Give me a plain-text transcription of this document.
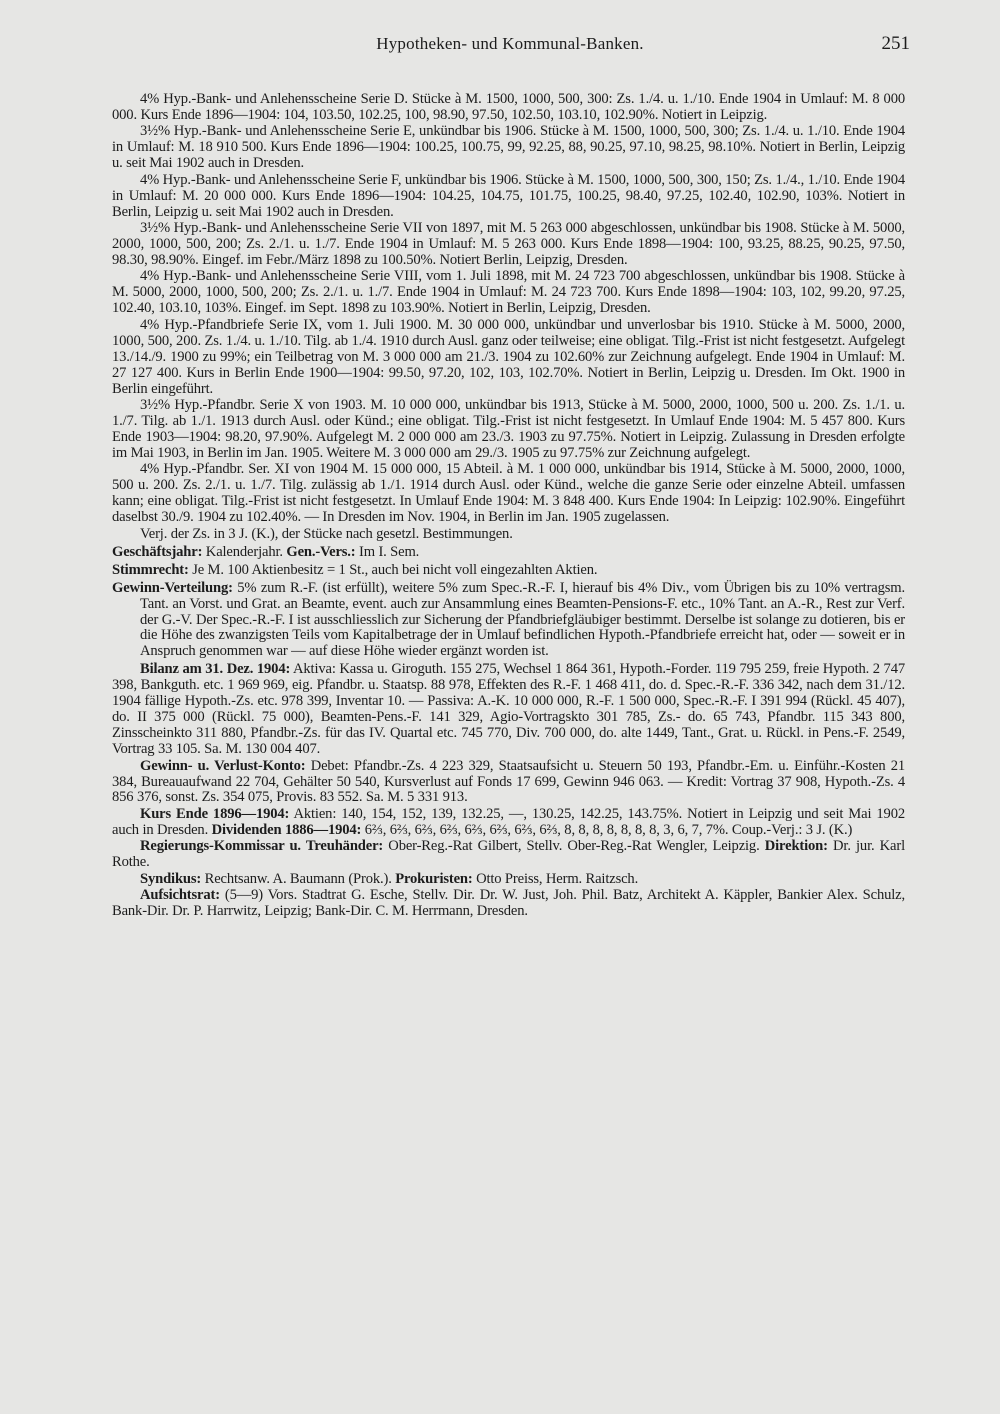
Hypotheken- und Kommunal-Banken.	251

4% Hyp.-Bank- und Anlehensscheine Serie D. Stücke à M. 1500, 1000, 500, 300: Zs. 1./4. u. 1./10. Ende 1904 in Umlauf: M. 8 000 000. Kurs Ende 1896—1904: 104, 103.50, 102.25, 100, 98.90, 97.50, 102.50, 103.10, 102.90%. Notiert in Leipzig.

3½% Hyp.-Bank- und Anlehensscheine Serie E, unkündbar bis 1906. Stücke à M. 1500, 1000, 500, 300; Zs. 1./4. u. 1./10. Ende 1904 in Umlauf: M. 18 910 500. Kurs Ende 1896—1904: 100.25, 100.75, 99, 92.25, 88, 90.25, 97.10, 98.25, 98.10%. Notiert in Berlin, Leipzig u. seit Mai 1902 auch in Dresden.

4% Hyp.-Bank- und Anlehensscheine Serie F, unkündbar bis 1906. Stücke à M. 1500, 1000, 500, 300, 150; Zs. 1./4., 1./10. Ende 1904 in Umlauf: M. 20 000 000. Kurs Ende 1896—1904: 104.25, 104.75, 101.75, 100.25, 98.40, 97.25, 102.40, 102.90, 103%. Notiert in Berlin, Leipzig u. seit Mai 1902 auch in Dresden.

3½% Hyp.-Bank- und Anlehensscheine Serie VII von 1897, mit M. 5 263 000 abgeschlossen, unkündbar bis 1908. Stücke à M. 5000, 2000, 1000, 500, 200; Zs. 2./1. u. 1./7. Ende 1904 in Umlauf: M. 5 263 000. Kurs Ende 1898—1904: 100, 93.25, 88.25, 90.25, 97.50, 98.30, 98.90%. Eingef. im Febr./März 1898 zu 100.50%. Notiert Berlin, Leipzig, Dresden.

4% Hyp.-Bank- und Anlehensscheine Serie VIII, vom 1. Juli 1898, mit M. 24 723 700 abgeschlossen, unkündbar bis 1908. Stücke à M. 5000, 2000, 1000, 500, 200; Zs. 2./1. u. 1./7. Ende 1904 in Umlauf: M. 24 723 700. Kurs Ende 1898—1904: 103, 102, 99.20, 97.25, 102.40, 103.10, 103%. Eingef. im Sept. 1898 zu 103.90%. Notiert in Berlin, Leipzig, Dresden.

4% Hyp.-Pfandbriefe Serie IX, vom 1. Juli 1900. M. 30 000 000, unkündbar und unverlosbar bis 1910. Stücke à M. 5000, 2000, 1000, 500, 200. Zs. 1./4. u. 1./10. Tilg. ab 1./4. 1910 durch Ausl. ganz oder teilweise; eine obligat. Tilg.-Frist ist nicht festgesetzt. Aufgelegt 13./14./9. 1900 zu 99%; ein Teilbetrag von M. 3 000 000 am 21./3. 1904 zu 102.60% zur Zeichnung aufgelegt. Ende 1904 in Umlauf: M. 27 127 400. Kurs in Berlin Ende 1900—1904: 99.50, 97.20, 102, 103, 102.70%. Notiert in Berlin, Leipzig u. Dresden. Im Okt. 1900 in Berlin eingeführt.

3½% Hyp.-Pfandbr. Serie X von 1903. M. 10 000 000, unkündbar bis 1913, Stücke à M. 5000, 2000, 1000, 500 u. 200. Zs. 1./1. u. 1./7. Tilg. ab 1./1. 1913 durch Ausl. oder Künd.; eine obligat. Tilg.-Frist ist nicht festgesetzt. In Umlauf Ende 1904: M. 5 457 800. Kurs Ende 1903—1904: 98.20, 97.90%. Aufgelegt M. 2 000 000 am 23./3. 1903 zu 97.75%. Notiert in Leipzig. Zulassung in Dresden erfolgte im Mai 1903, in Berlin im Jan. 1905. Weitere M. 3 000 000 am 29./3. 1905 zu 97.75% zur Zeichnung aufgelegt.

4% Hyp.-Pfandbr. Ser. XI von 1904 M. 15 000 000, 15 Abteil. à M. 1 000 000, unkündbar bis 1914, Stücke à M. 5000, 2000, 1000, 500 u. 200. Zs. 2./1. u. 1./7. Tilg. zulässig ab 1./1. 1914 durch Ausl. oder Künd., welche die ganze Serie oder einzelne Abteil. umfassen kann; eine obligat. Tilg.-Frist ist nicht festgesetzt. In Umlauf Ende 1904: M. 3 848 400. Kurs Ende 1904: In Leipzig: 102.90%. Eingeführt daselbst 30./9. 1904 zu 102.40%. — In Dresden im Nov. 1904, in Berlin im Jan. 1905 zugelassen.

Verj. der Zs. in 3 J. (K.), der Stücke nach gesetzl. Bestimmungen.

Geschäftsjahr: Kalenderjahr. Gen.-Vers.: Im I. Sem.

Stimmrecht: Je M. 100 Aktienbesitz = 1 St., auch bei nicht voll eingezahlten Aktien.

Gewinn-Verteilung: 5% zum R.-F. (ist erfüllt), weitere 5% zum Spec.-R.-F. I, hierauf bis 4% Div., vom Übrigen bis zu 10% vertragsm. Tant. an Vorst. und Grat. an Beamte, event. auch zur Ansammlung eines Beamten-Pensions-F. etc., 10% Tant. an A.-R., Rest zur Verf. der G.-V. Der Spec.-R.-F. I ist ausschliesslich zur Sicherung der Pfandbriefgläubiger bestimmt. Derselbe ist solange zu dotieren, bis er die Höhe des zwanzigsten Teils vom Kapitalbetrage der in Umlauf befindlichen Hypoth.-Pfandbriefe erreicht hat, oder — soweit er in Anspruch genommen war — auf diese Höhe wieder ergänzt worden ist.

Bilanz am 31. Dez. 1904: Aktiva: Kassa u. Giroguth. 155 275, Wechsel 1 864 361, Hypoth.-Forder. 119 795 259, freie Hypoth. 2 747 398, Bankguth. etc. 1 969 969, eig. Pfandbr. u. Staatsp. 88 978, Effekten des R.-F. 1 468 411, do. d. Spec.-R.-F. 336 342, nach dem 31./12. 1904 fällige Hypoth.-Zs. etc. 978 399, Inventar 10. — Passiva: A.-K. 10 000 000, R.-F. 1 500 000, Spec.-R.-F. I 391 994 (Rückl. 45 407), do. II 375 000 (Rückl. 75 000), Beamten-Pens.-F. 141 329, Agio-Vortragskto 301 785, Zs.- do. 65 743, Pfandbr. 115 343 800, Zinsscheinkto 311 880, Pfandbr.-Zs. für das IV. Quartal etc. 745 770, Div. 700 000, do. alte 1449, Tant., Grat. u. Rückl. in Pens.-F. 2549, Vortrag 33 105. Sa. M. 130 004 407.

Gewinn- u. Verlust-Konto: Debet: Pfandbr.-Zs. 4 223 329, Staatsaufsicht u. Steuern 50 193, Pfandbr.-Em. u. Einführ.-Kosten 21 384, Bureauaufwand 22 704, Gehälter 50 540, Kursverlust auf Fonds 17 699, Gewinn 946 063. — Kredit: Vortrag 37 908, Hypoth.-Zs. 4 856 376, sonst. Zs. 354 075, Provis. 83 552. Sa. M. 5 331 913.

Kurs Ende 1896—1904: Aktien: 140, 154, 152, 139, 132.25, —, 130.25, 142.25, 143.75%. Notiert in Leipzig und seit Mai 1902 auch in Dresden. Dividenden 1886—1904: 6⅔, 6⅔, 6⅔, 6⅔, 6⅔, 6⅔, 6⅔, 6⅔, 8, 8, 8, 8, 8, 8, 8, 3, 6, 7, 7%. Coup.-Verj.: 3 J. (K.)

Regierungs-Kommissar u. Treuhänder: Ober-Reg.-Rat Gilbert, Stellv. Ober-Reg.-Rat Wengler, Leipzig. Direktion: Dr. jur. Karl Rothe.

Syndikus: Rechtsanw. A. Baumann (Prok.). Prokuristen: Otto Preiss, Herm. Raitzsch.

Aufsichtsrat: (5—9) Vors. Stadtrat G. Esche, Stellv. Dir. Dr. W. Just, Joh. Phil. Batz, Architekt A. Käppler, Bankier Alex. Schulz, Bank-Dir. Dr. P. Harrwitz, Leipzig; Bank-Dir. C. M. Herrmann, Dresden.
